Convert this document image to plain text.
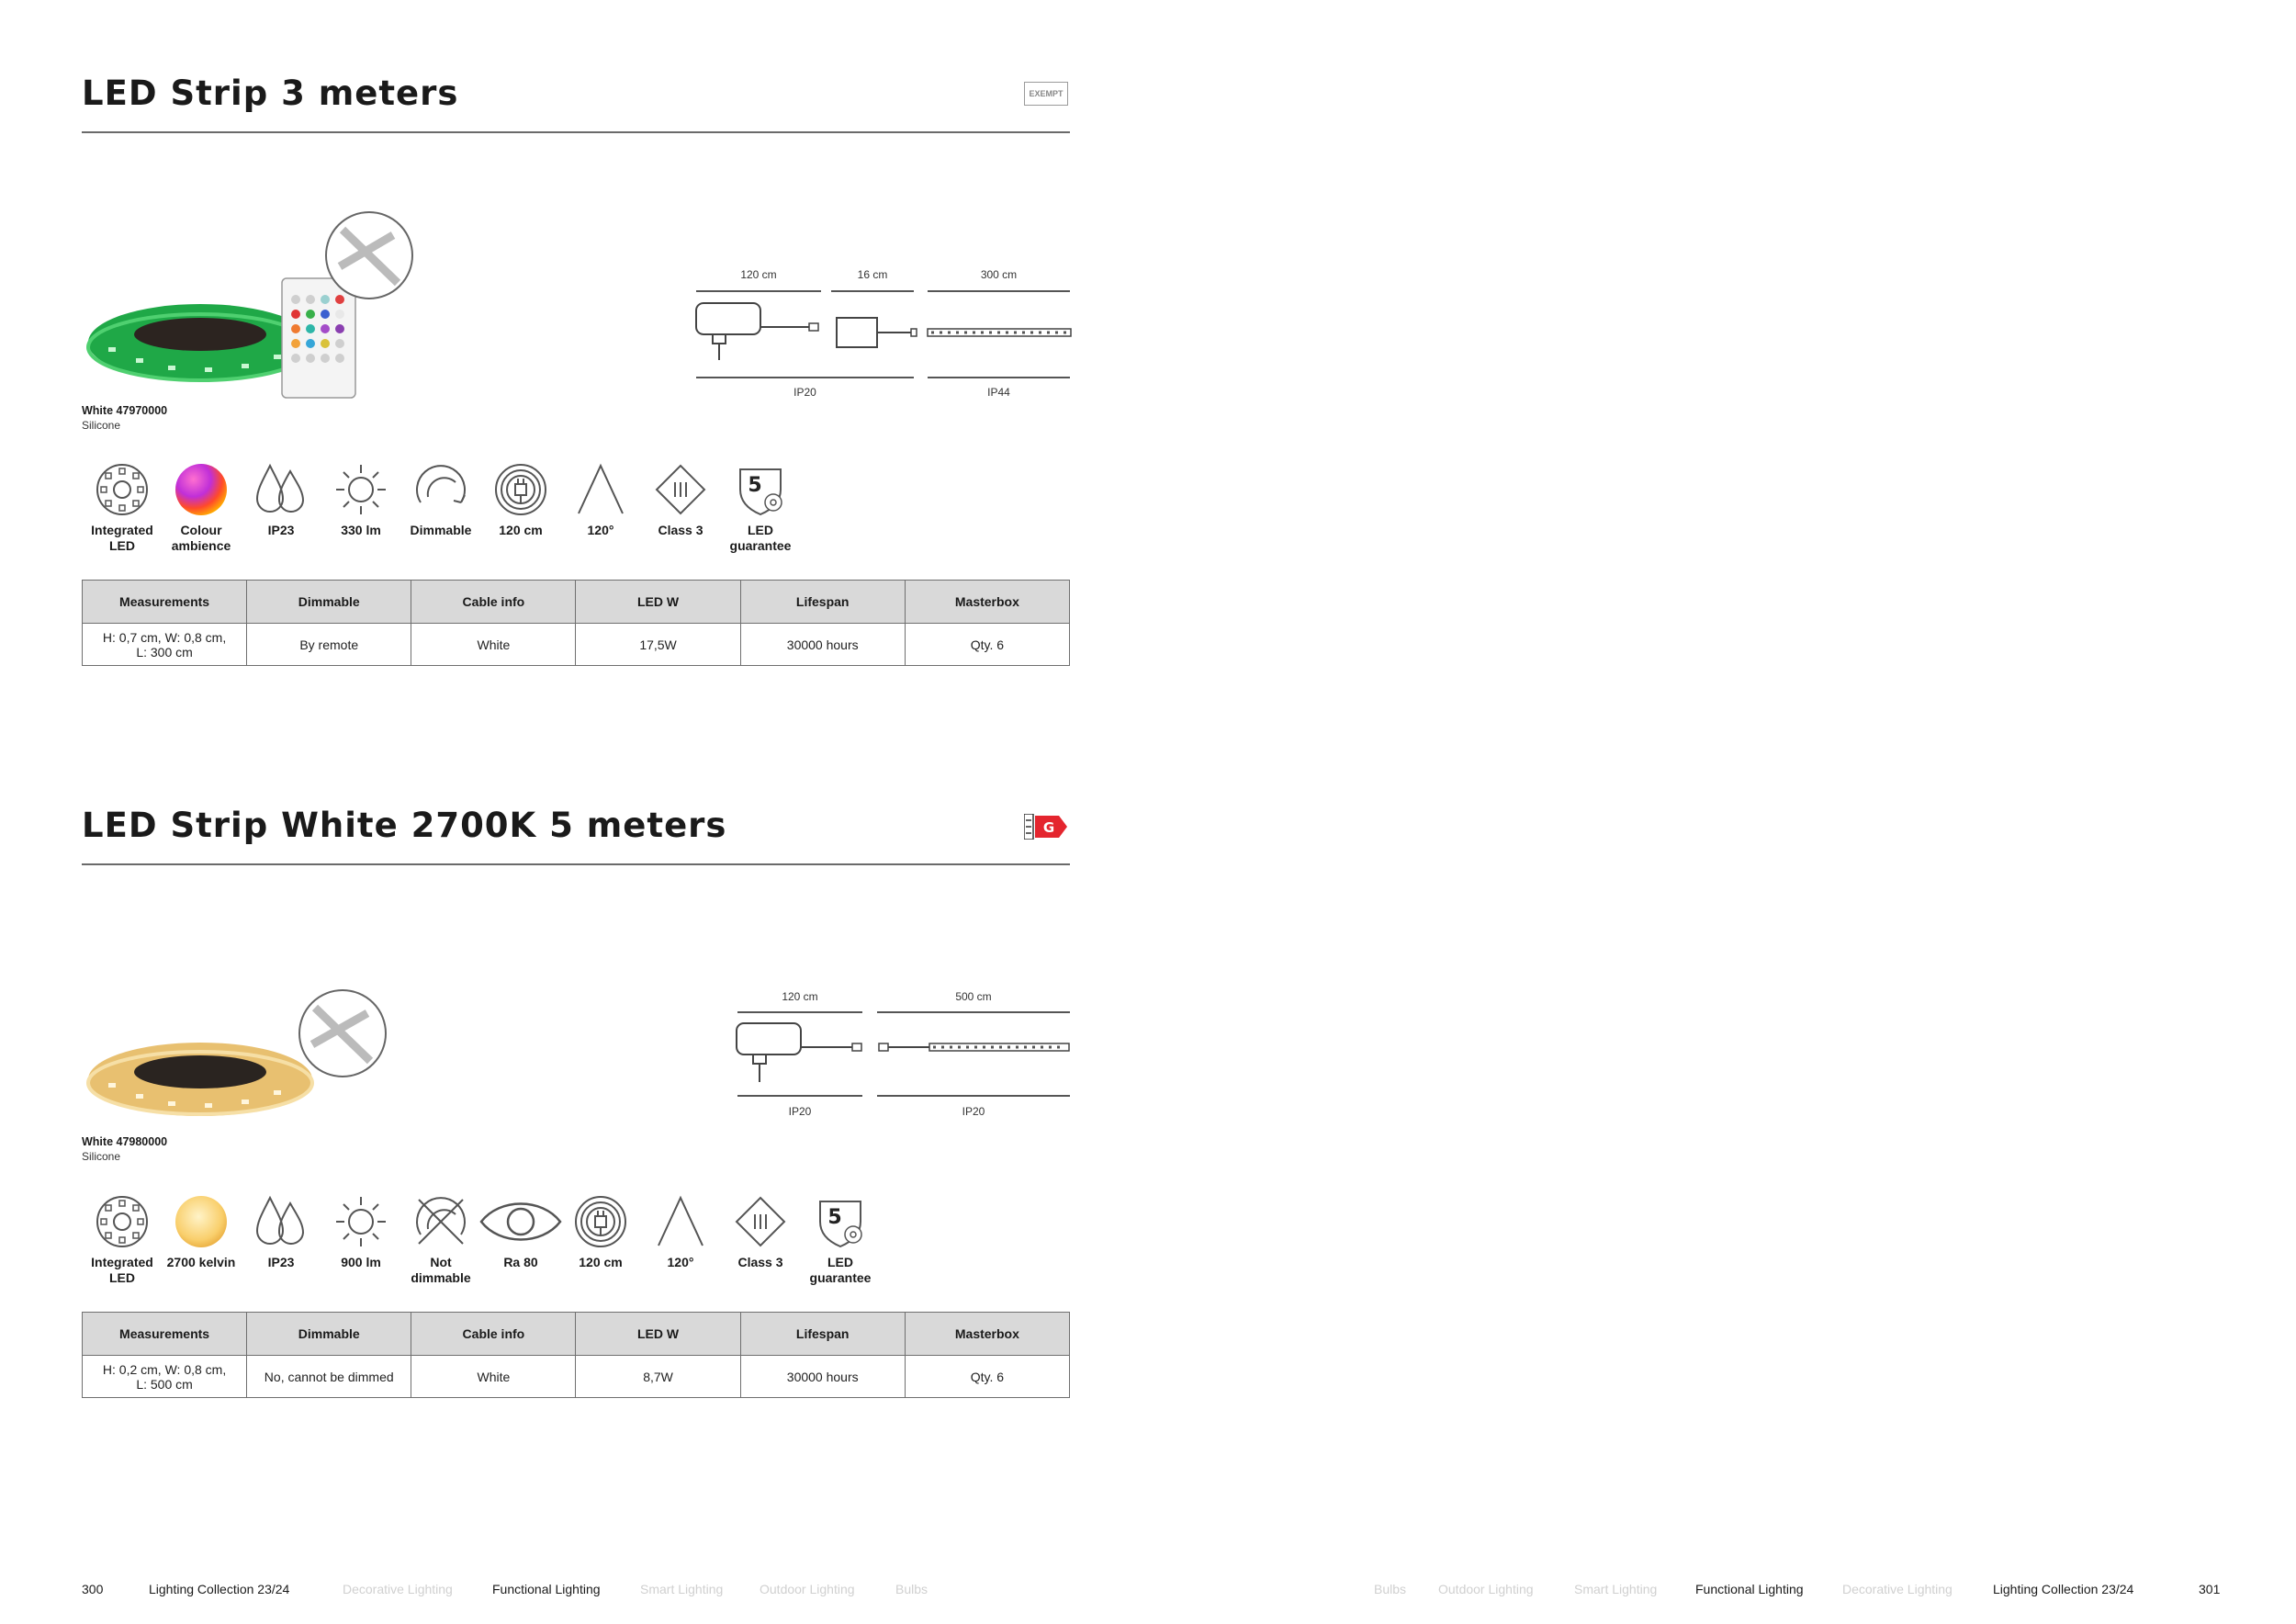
LED Strip 3 meters	EXEMPT
White 47970000
Silicone
120 cm	16 cm	300 cm
IP20	IP44
Integrated LED
Colour ambience
IP23	330 lm	Dimmable	120 cm	120°	Class 3
5
LED guarantee
Measurements	Dimmable	Cable info	LED W	Lifespan	Masterbox
H: 0,7 cm, W: 0,8 cm, L: 300 cm	By remote	White	17,5W	30000 hours	Qty. 6
LED Strip White 2700K 5 meters	G
White 47980000
Silicone
120 cm	500 cm
IP20	IP20
Integrated LED
2700 kelvin	IP23	900 lm	Not dimmable
Ra 80	120 cm	120°	Class 3
5
LED guarantee
Measurements	Dimmable	Cable info	LED W	Lifespan	Masterbox
H: 0,2 cm, W: 0,8 cm, L: 500 cm	No, cannot be dimmed	White	8,7W	30000 hours	Qty. 6
300	Lighting Collection 23/24	Decorative Lighting	Functional Lighting	Smart Lighting	Outdoor Lighting	Bulbs	Bulbs Outdoor Lighting	Smart Lighting	Functional Lighting	Decorative Lighting	Lighting Collection 23/24	301
